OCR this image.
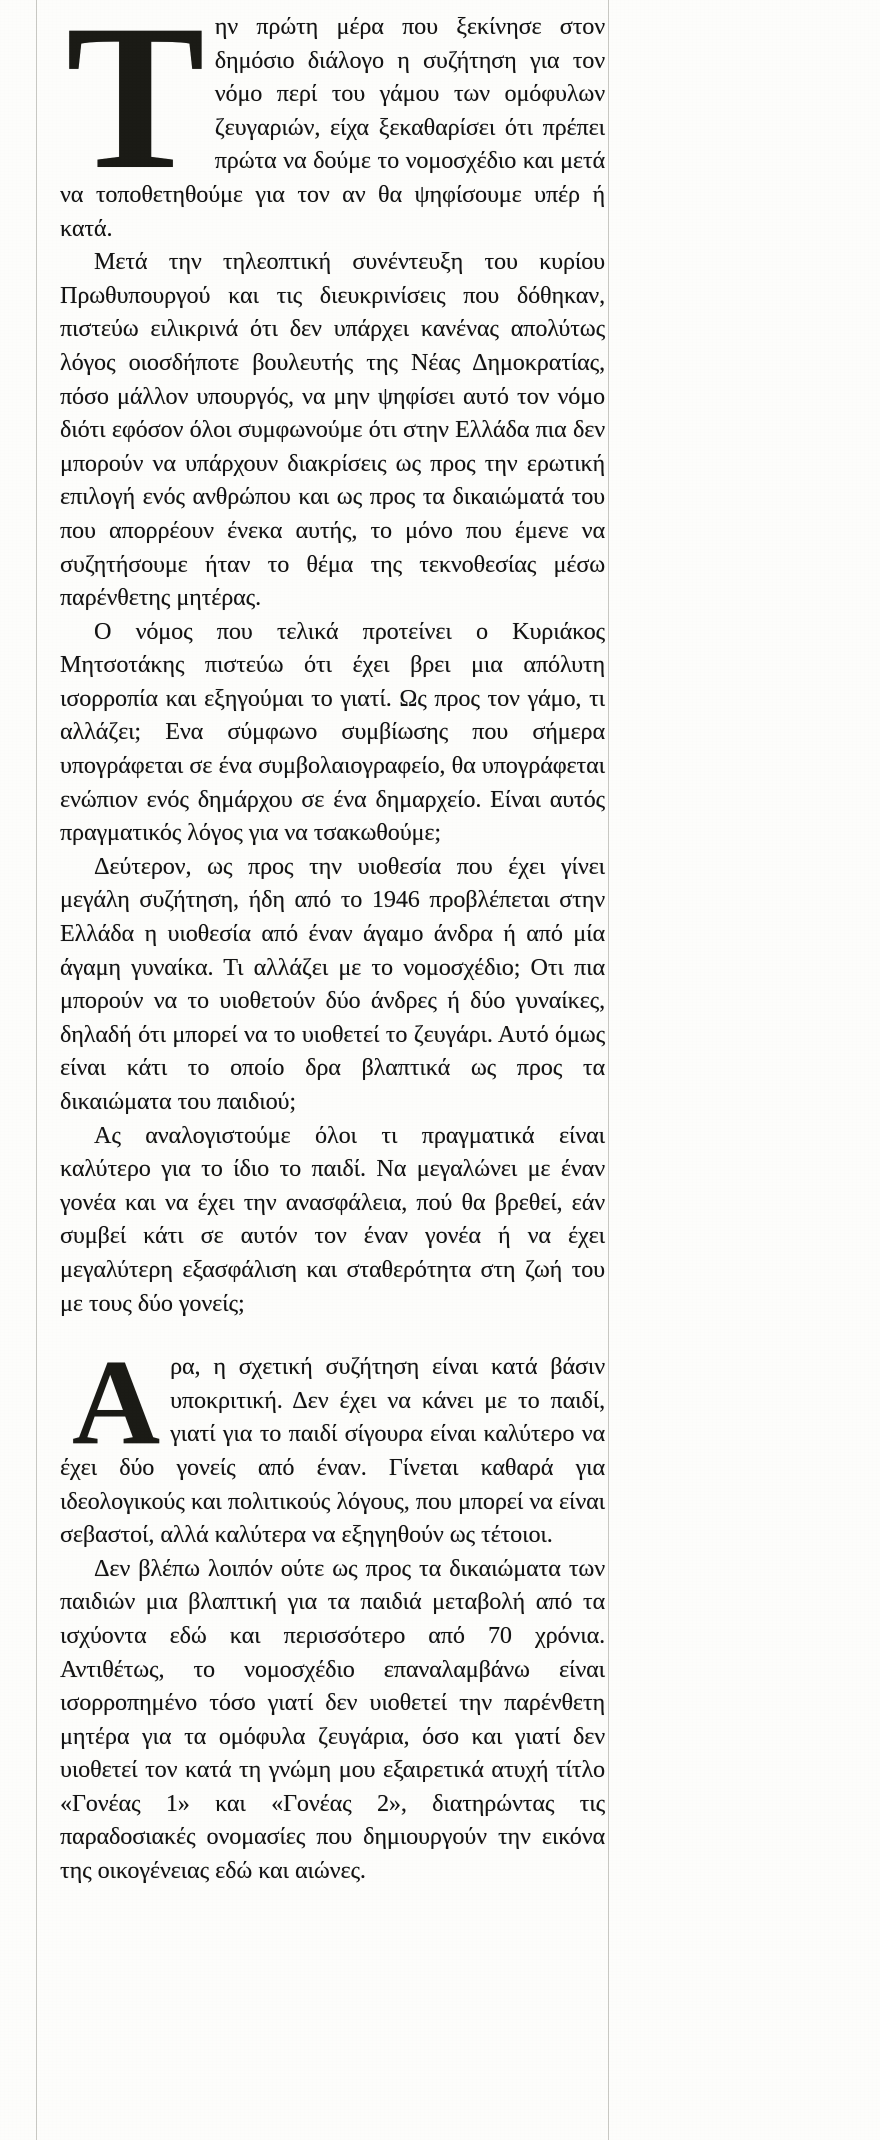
Τ ην πρώτη μέρα που ξεκίνησε στον δημόσιο διάλογο η συζήτηση για τον νόμο περί του γάμου των ομόφυλων ζευγαριών, είχα ξεκαθαρίσει ότι πρέπει πρώτα να δούμε το νομοσχέδιο και μετά να τοποθετηθούμε για τον αν θα ψηφίσουμε υπέρ ή κατά.

Μετά την τηλεοπτική συνέντευξη του κυρίου Πρωθυπουργού και τις διευκρινίσεις που δόθηκαν, πιστεύω ειλικρινά ότι δεν υπάρχει κανένας απολύτως λόγος οιοσδήποτε βουλευτής της Νέας Δημοκρατίας, πόσο μάλλον υπουργός, να μην ψηφίσει αυτό τον νόμο διότι εφόσον όλοι συμφωνούμε ότι στην Ελλάδα πια δεν μπορούν να υπάρχουν διακρίσεις ως προς την ερωτική επιλογή ενός ανθρώπου και ως προς τα δικαιώματά του που απορρέουν ένεκα αυτής, το μόνο που έμενε να συζητήσουμε ήταν το θέμα της τεκνοθεσίας μέσω παρένθετης μητέρας.

Ο νόμος που τελικά προτείνει ο Κυριάκος Μητσοτάκης πιστεύω ότι έχει βρει μια απόλυτη ισορροπία και εξηγούμαι το γιατί. Ως προς τον γάμο, τι αλλάζει; Ενα σύμφωνο συμβίωσης που σήμερα υπογράφεται σε ένα συμβολαιογραφείο, θα υπογράφεται ενώπιον ενός δημάρχου σε ένα δημαρχείο. Είναι αυτός πραγματικός λόγος για να τσακωθούμε;

Δεύτερον, ως προς την υιοθεσία που έχει γίνει μεγάλη συζήτηση, ήδη από το 1946 προβλέπεται στην Ελλάδα η υιοθεσία από έναν άγαμο άνδρα ή από μία άγαμη γυναίκα. Τι αλλάζει με το νομοσχέδιο; Οτι πια μπορούν να το υιοθετούν δύο άνδρες ή δύο γυναίκες, δηλαδή ότι μπορεί να το υιοθετεί το ζευγάρι. Αυτό όμως είναι κάτι το οποίο δρα βλαπτικά ως προς τα δικαιώματα του παιδιού;

Ας αναλογιστούμε όλοι τι πραγματικά είναι καλύτερο για το ίδιο το παιδί. Να μεγαλώνει με έναν γονέα και να έχει την ανασφάλεια, πού θα βρεθεί, εάν συμβεί κάτι σε αυτόν τον έναν γονέα ή να έχει μεγαλύτερη εξασφάλιση και σταθερότητα στη ζωή του με τους δύο γονείς;

Α ρα, η σχετική συζήτηση είναι κατά βάσιν υποκριτική. Δεν έχει να κάνει με το παιδί, γιατί για το παιδί σίγουρα είναι καλύτερο να έχει δύο γονείς από έναν. Γίνεται καθαρά για ιδεολογικούς και πολιτικούς λόγους, που μπορεί να είναι σεβαστοί, αλλά καλύτερα να εξηγηθούν ως τέτοιοι.

Δεν βλέπω λοιπόν ούτε ως προς τα δικαιώματα των παιδιών μια βλαπτική για τα παιδιά μεταβολή από τα ισχύοντα εδώ και περισσότερο από 70 χρόνια. Αντιθέτως, το νομοσχέδιο επαναλαμβάνω είναι ισορροπημένο τόσο γιατί δεν υιοθετεί την παρένθετη μητέρα για τα ομόφυλα ζευγάρια, όσο και γιατί δεν υιοθετεί τον κατά τη γνώμη μου εξαιρετικά ατυχή τίτλο «Γονέας 1» και «Γονέας 2», διατηρώντας τις παραδοσιακές ονομασίες που δημιουργούν την εικόνα της οικογένειας εδώ και αιώνες.
